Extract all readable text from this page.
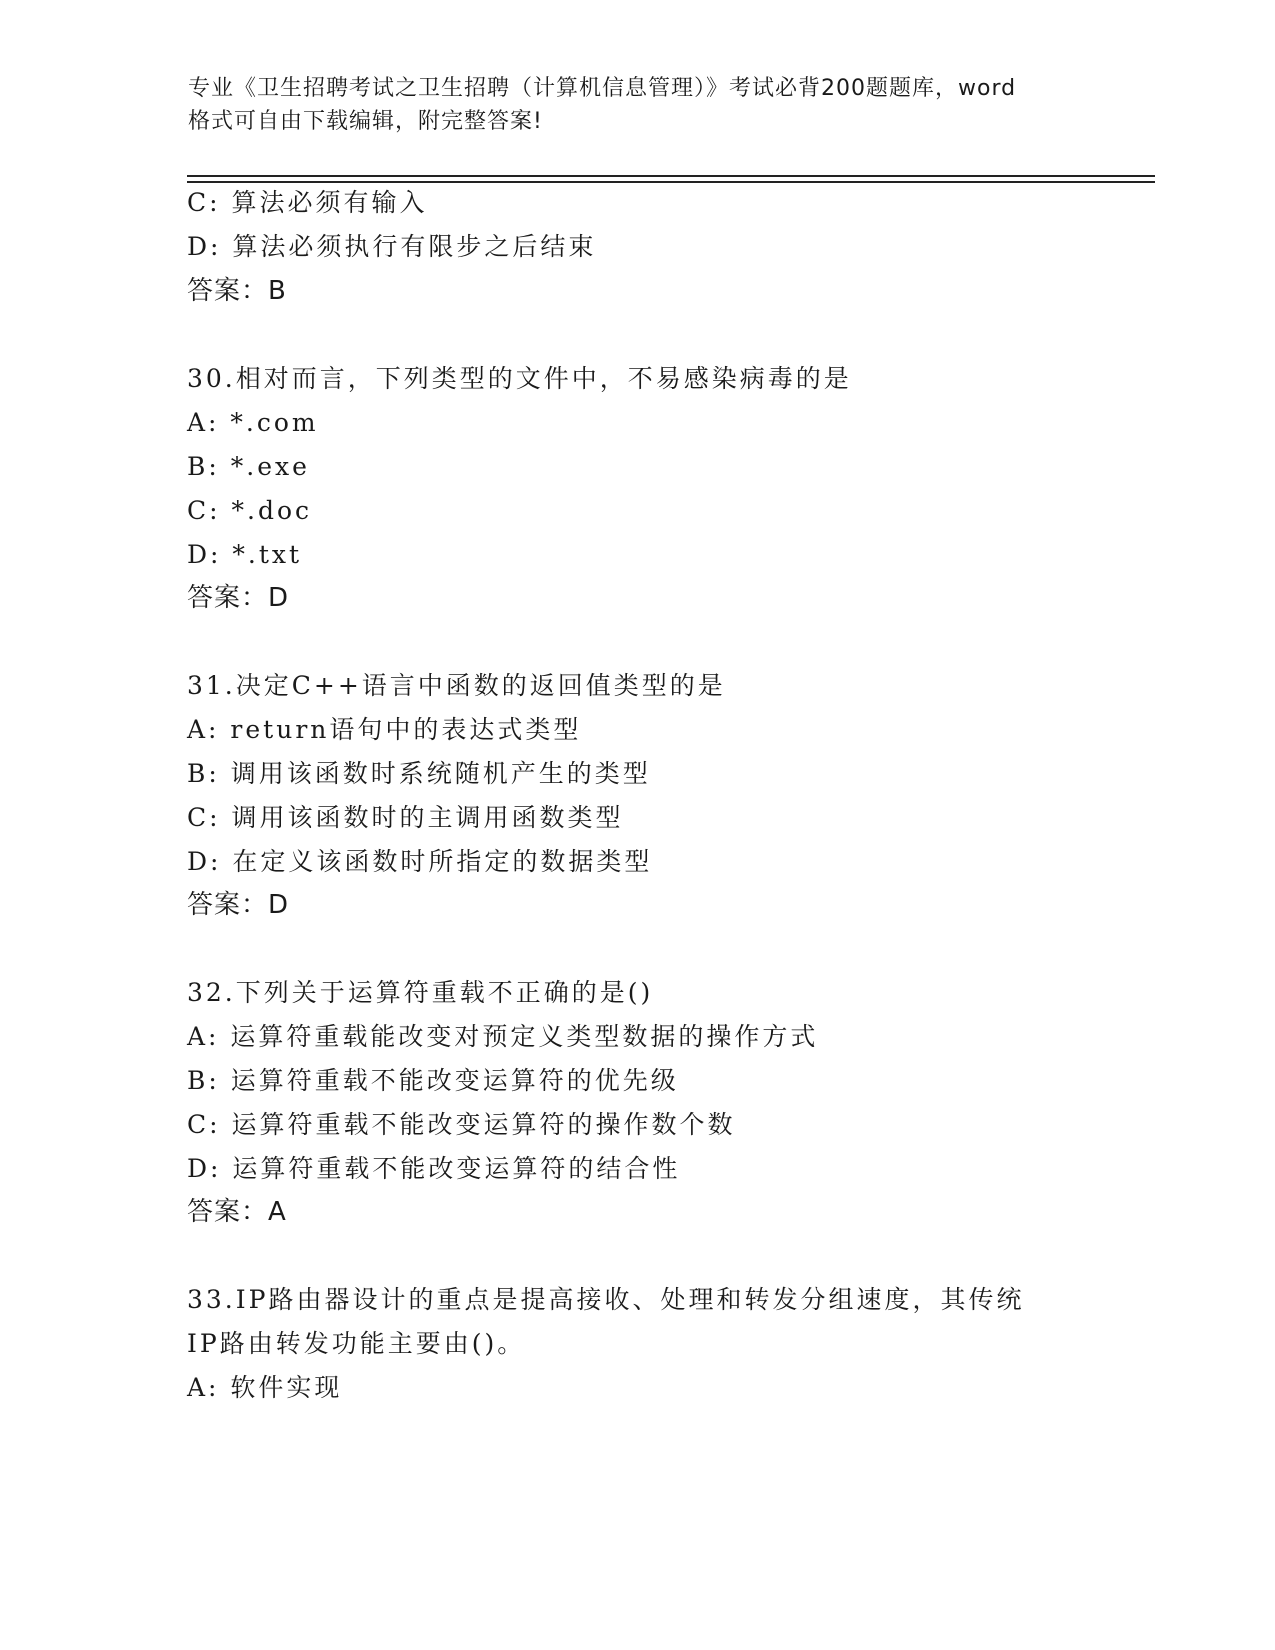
专业《卫生招聘考试之卫生招聘（计算机信息管理）》考试必背200题题库，word
格式可自由下载编辑，附完整答案!
C: 算法必须有输入
D: 算法必须执行有限步之后结束
答案：B
30.相对而言，下列类型的文件中，不易感染病毒的是
A: *.com
B: *.exe
C: *.doc
D: *.txt
答案：D
31.决定C++语言中函数的返回值类型的是
A: return语句中的表达式类型
B: 调用该函数时系统随机产生的类型
C: 调用该函数时的主调用函数类型
D: 在定义该函数时所指定的数据类型
答案：D
32.下列关于运算符重载不正确的是()
A: 运算符重载能改变对预定义类型数据的操作方式
B: 运算符重载不能改变运算符的优先级
C: 运算符重载不能改变运算符的操作数个数
D: 运算符重载不能改变运算符的结合性
答案：A
33.IP路由器设计的重点是提高接收、处理和转发分组速度，其传统
IP路由转发功能主要由()。
A: 软件实现
